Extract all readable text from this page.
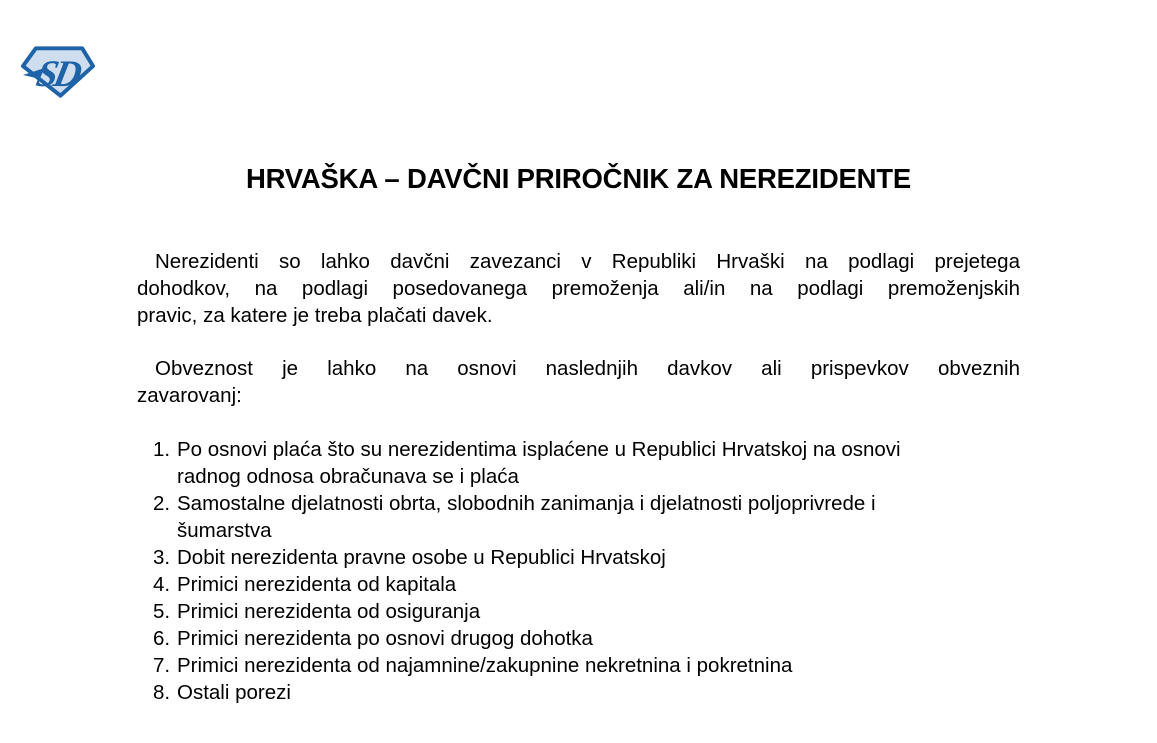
SD
HRVAŠKA – DAVČNI PRIROČNIK ZA NEREZIDENTE
Nerezidenti so lahko davčni zavezanci v Republiki Hrvaški na podlagi prejetega
dohodkov, na podlagi posedovanega premoženja ali/in na podlagi premoženjskih
pravic, za katere je treba plačati davek.
Obveznost je lahko na osnovi naslednjih davkov ali prispevkov obveznih
zavarovanj:
1. Po osnovi plaća što su nerezidentima isplaćene u Republici Hrvatskoj na osnovi
radnog odnosa obračunava se i plaća
2. Samostalne djelatnosti obrta, slobodnih zanimanja i djelatnosti poljoprivrede i
šumarstva
3. Dobit nerezidenta pravne osobe u Republici Hrvatskoj
4. Primici nerezidenta od kapitala
5. Primici nerezidenta od osiguranja
6. Primici nerezidenta po osnovi drugog dohotka
7. Primici nerezidenta od najamnine/zakupnine nekretnina i pokretnina
8. Ostali porezi
